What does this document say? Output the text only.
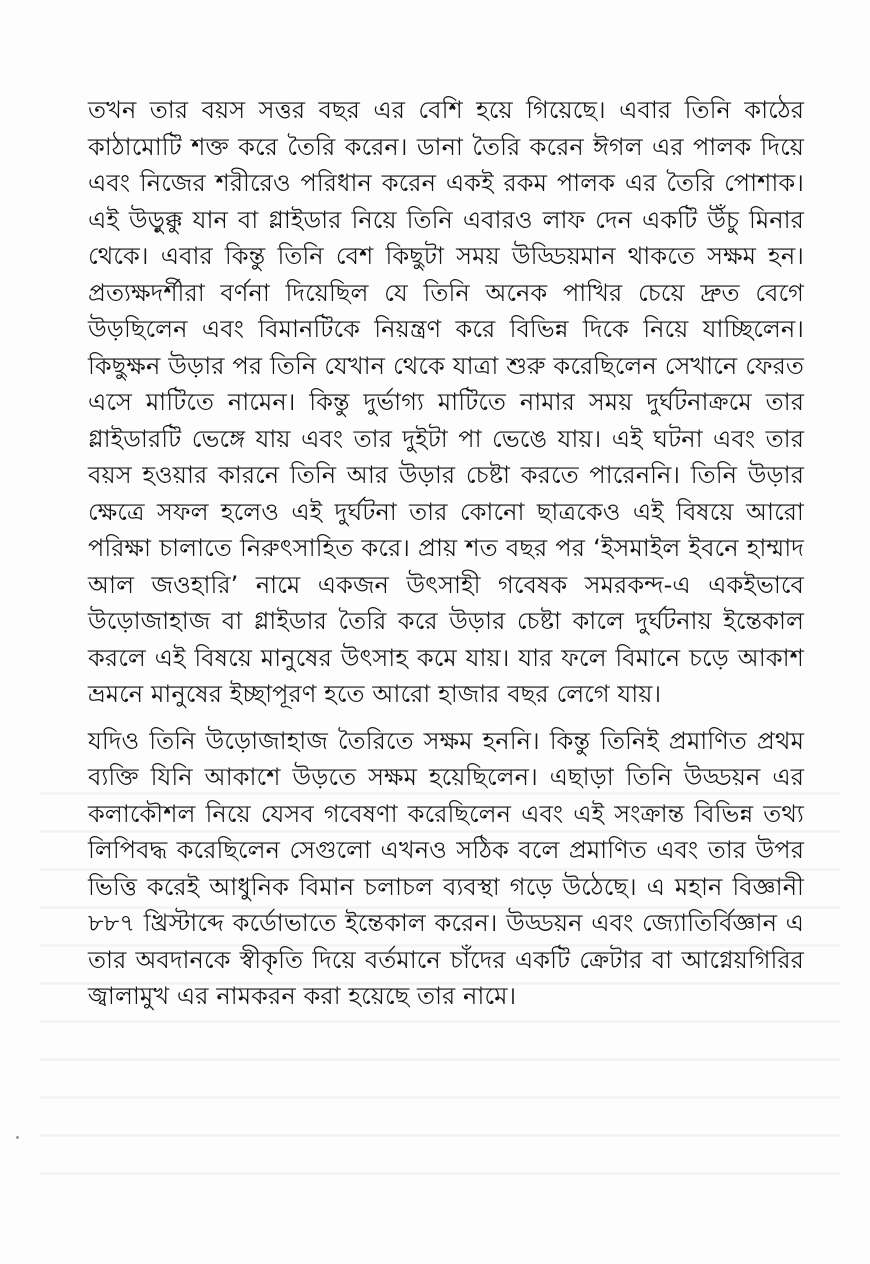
তখন তার বয়স সত্তর বছর এর বেশি হয়ে গিয়েছে। এবার তিনি কাঠের কাঠামোটি শক্ত করে তৈরি করেন। ডানা তৈরি করেন ঈগল এর পালক দিয়ে এবং নিজের শরীরেও পরিধান করেন একই রকম পালক এর তৈরি পোশাক। এই উড়ুক্কু যান বা গ্লাইডার নিয়ে তিনি এবারও লাফ দেন একটি উঁচু মিনার থেকে। এবার কিন্তু তিনি বেশ কিছুটা সময় উড্ডিয়মান থাকতে সক্ষম হন। প্রত্যক্ষদর্শীরা বর্ণনা দিয়েছিল যে তিনি অনেক পাখির চেয়ে দ্রুত বেগে উড়ছিলেন এবং বিমানটিকে নিয়ন্ত্রণ করে বিভিন্ন দিকে নিয়ে যাচ্ছিলেন। কিছুক্ষন উড়ার পর তিনি যেখান থেকে যাত্রা শুরু করেছিলেন সেখানে ফেরত এসে মাটিতে নামেন। কিন্তু দুর্ভাগ্য মাটিতে নামার সময় দুর্ঘটনাক্রমে তার গ্লাইডারটি ভেঙ্গে যায় এবং তার দুইটা পা ভেঙে যায়। এই ঘটনা এবং তার বয়স হওয়ার কারনে তিনি আর উড়ার চেষ্টা করতে পারেননি। তিনি উড়ার ক্ষেত্রে সফল হলেও এই দুর্ঘটনা তার কোনো ছাত্রকেও এই বিষয়ে আরো পরিক্ষা চালাতে নিরুৎসাহিত করে। প্রায় শত বছর পর ‘ইসমাইল ইবনে হাম্মাদ আল জওহারি’ নামে একজন উৎসাহী গবেষক সমরকন্দ-এ একইভাবে উড়োজাহাজ বা গ্লাইডার তৈরি করে উড়ার চেষ্টা কালে দুর্ঘটনায় ইন্তেকাল করলে এই বিষয়ে মানুষের উৎসাহ কমে যায়। যার ফলে বিমানে চড়ে আকাশ ভ্রমনে মানুষের ইচ্ছাপূরণ হতে আরো হাজার বছর লেগে যায়।

যদিও তিনি উড়োজাহাজ তৈরিতে সক্ষম হননি। কিন্তু তিনিই প্রমাণিত প্রথম ব্যক্তি যিনি আকাশে উড়তে সক্ষম হয়েছিলেন। এছাড়া তিনি উড্ডয়ন এর কলাকৌশল নিয়ে যেসব গবেষণা করেছিলেন এবং এই সংক্রান্ত বিভিন্ন তথ্য লিপিবদ্ধ করেছিলেন সেগুলো এখনও সঠিক বলে প্রমাণিত এবং তার উপর ভিত্তি করেই আধুনিক বিমান চলাচল ব্যবস্থা গড়ে উঠেছে। এ মহান বিজ্ঞানী ৮৮৭ খ্রিস্টাব্দে কর্ডোভাতে ইন্তেকাল করেন। উড্ডয়ন এবং জ্যোতির্বিজ্ঞান এ তার অবদানকে স্বীকৃতি দিয়ে বর্তমানে চাঁদের একটি ক্রেটার বা আগ্নেয়গিরির জ্বালামুখ এর নামকরন করা হয়েছে তার নামে।
